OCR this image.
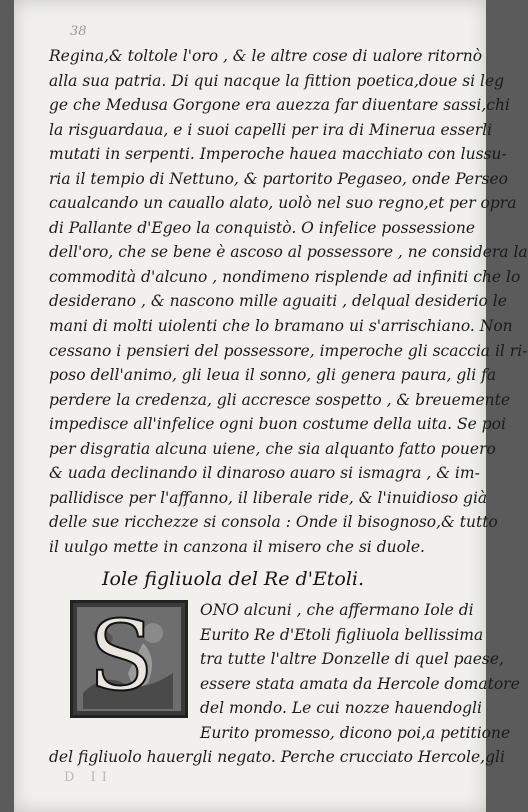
38
Regina,& toltole l'oro , & le altre cose di ualore ritornò
alla sua patria. Di qui nacque la fittion poetica,doue si leg
ge che Medusa Gorgone era auezza far diuentare sassi,chi
la risguardaua, e i suoi capelli per ira di Minerua esserli
mutati in serpenti. Imperoche hauea macchiato con lussu-
ria il tempio di Nettuno, & partorito Pegaseo, onde Perseo
caualcando un cauallo alato, uolò nel suo regno,et per opra
di Pallante d'Egeo la conquistò. O infelice possessione
dell'oro, che se bene è ascoso al possessore , ne considera la
commodità d'alcuno , nondimeno risplende ad infiniti che lo
desiderano , & nascono mille aguaiti , delqual desiderio le
mani di molti uiolenti che lo bramano ui s'arrischiano. Non
cessano i pensieri del possessore, imperoche gli scaccia il ri-
poso dell'animo, gli leua il sonno, gli genera paura, gli fa
perdere la credenza, gli accresce sospetto , & breuemente
impedisce all'infelice ogni buon costume della uita. Se poi
per disgratia alcuna uiene, che sia alquanto fatto pouero
& uada declinando il dinaroso auaro si ismagra , & im-
pallidisce per l'affanno, il liberale ride, & l'inuidioso già
delle sue ricchezze si consola : Onde il bisognoso,& tutto
il uulgo mette in canzona il misero che si duole.
Iole figliuola del Re d'Etoli.
S	ONO alcuni , che affermano Iole di
Eurito Re d'Etoli figliuola bellissima
tra tutte l'altre Donzelle di quel paese,
essere stata amata da Hercole domatore
del mondo. Le cui nozze hauendogli
Eurito promesso, dicono poi,a petitione
del figliuolo hauergli negato. Perche crucciato Hercole,gli
D II
